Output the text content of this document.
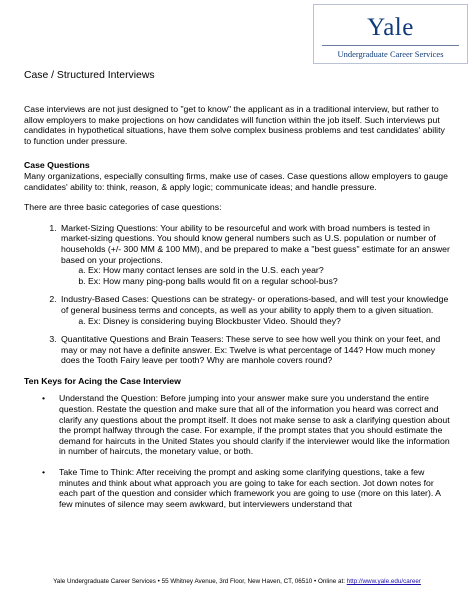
Yale
Undergraduate Career Services

Case / Structured Interviews

Case interviews are not just designed to "get to know" the applicant as in a traditional interview, but rather to allow employers to make projections on how candidates will function within the job itself. Such interviews put candidates in hypothetical situations, have them solve complex business problems and test candidates' ability to function under pressure.

Case Questions

Many organizations, especially consulting firms, make use of cases. Case questions allow employers to gauge candidates' ability to: think, reason, & apply logic; communicate ideas; and handle pressure.

There are three basic categories of case questions:

1. Market-Sizing Questions: Your ability to be resourceful and work with broad numbers is tested in market-sizing questions. You should know general numbers such as U.S. population or number of households (+/- 300 MM & 100 MM), and be prepared to make a "best guess" estimate for an answer based on your projections.
a. Ex: How many contact lenses are sold in the U.S. each year?
b. Ex: How many ping-pong balls would fit on a regular school-bus?
2. Industry-Based Cases: Questions can be strategy- or operations-based, and will test your knowledge of general business terms and concepts, as well as your ability to apply them to a given situation.
a. Ex: Disney is considering buying Blockbuster Video. Should they?
3. Quantitative Questions and Brain Teasers: These serve to see how well you think on your feet, and may or may not have a definite answer. Ex: Twelve is what percentage of 144? How much money does the Tooth Fairy leave per tooth? Why are manhole covers round?

Ten Keys for Acing the Case Interview

• Understand the Question: Before jumping into your answer make sure you understand the entire question. Restate the question and make sure that all of the information you heard was correct and clarify any questions about the prompt itself. It does not make sense to ask a clarifying question about the prompt halfway through the case. For example, if the prompt states that you should estimate the demand for haircuts in the United States you should clarify if the interviewer would like the information in number of haircuts, the monetary value, or both.
• Take Time to Think: After receiving the prompt and asking some clarifying questions, take a few minutes and think about what approach you are going to take for each section. Jot down notes for each part of the question and consider which framework you are going to use (more on this later). A few minutes of silence may seem awkward, but interviewers understand that
Yale Undergraduate Career Services • 55 Whitney Avenue, 3rd Floor, New Haven, CT, 06510 • Online at: http://www.yale.edu/career
